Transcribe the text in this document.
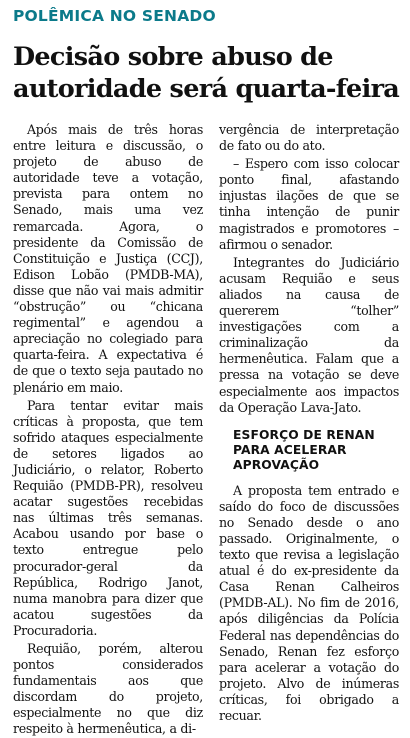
POLÊMICA NO SENADO
Decisão sobre abuso de autoridade será quarta-feira

Após mais de três horas entre leitura e discussão, o projeto de abuso de autoridade teve a votação, prevista para ontem no Senado, mais uma vez remarcada. Agora, o presidente da Comissão de Constituição e Justiça (CCJ), Edison Lobão (PMDB-MA), disse que não vai mais admitir “obstrução” ou “chicana regimental” e agendou a apreciação no colegiado para quarta-feira. A expectativa é de que o texto seja pautado no plenário em maio.

Para tentar evitar mais críticas à proposta, que tem sofrido ataques especialmente de setores ligados ao Judiciário, o relator, Roberto Requião (PMDB-PR), resolveu acatar sugestões recebidas nas últimas três semanas. Acabou usando por base o texto entregue pelo procurador-geral da República, Rodrigo Janot, numa manobra para dizer que acatou sugestões da Procuradoria.

Requião, porém, alterou pontos considerados fundamentais aos que discordam do projeto, especialmente no que diz respeito à hermenêutica, a di-

vergência de interpretação de fato ou do ato.

– Espero com isso colocar ponto final, afastando injustas ilações de que se tinha intenção de punir magistrados e promotores – afirmou o senador.

Integrantes do Judiciário acusam Requião e seus aliados na causa de quererem “tolher” investigações com a criminalização da hermenêutica. Falam que a pressa na votação se deve especialmente aos impactos da Operação Lava-Jato.

ESFORÇO DE RENAN PARA ACELERAR APROVAÇÃO

A proposta tem entrado e saído do foco de discussões no Senado desde o ano passado. Originalmente, o texto que revisa a legislação atual é do ex-presidente da Casa Renan Calheiros (PMDB-AL). No fim de 2016, após diligências da Polícia Federal nas dependências do Senado, Renan fez esforço para acelerar a votação do projeto. Alvo de inúmeras críticas, foi obrigado a recuar.
